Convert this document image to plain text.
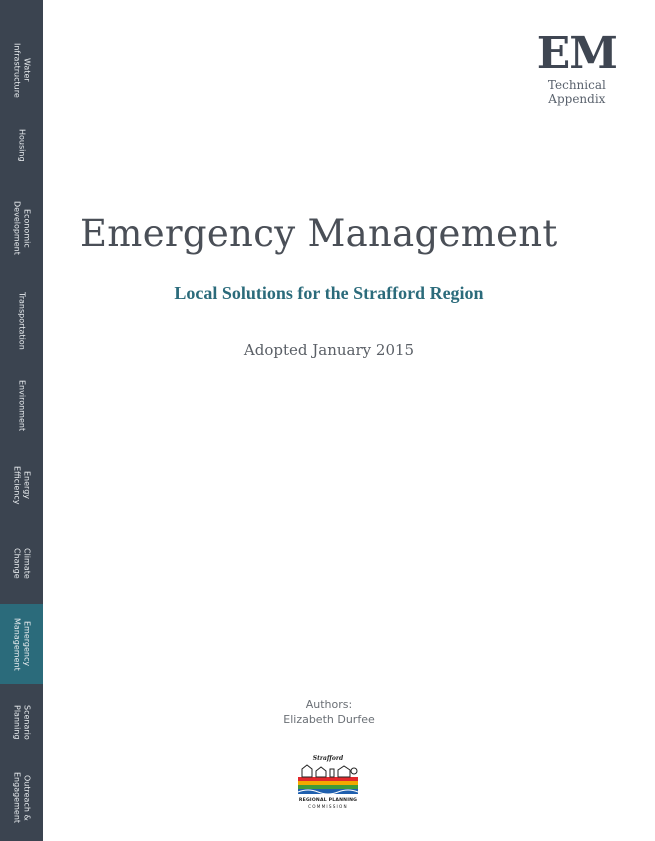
Water
Infrastructure
Housing
Economic
Development
Transportation
Environment
Energy
Efficiency
Climate
Change
Emergency
Management
Scenario
Planning
Outreach &
Engagement
EM
Technical
Appendix
Emergency Management
Local Solutions for the Strafford Region
Adopted January 2015
Authors:
Elizabeth Durfee
Strafford
REGIONAL PLANNING
COMMISSION
